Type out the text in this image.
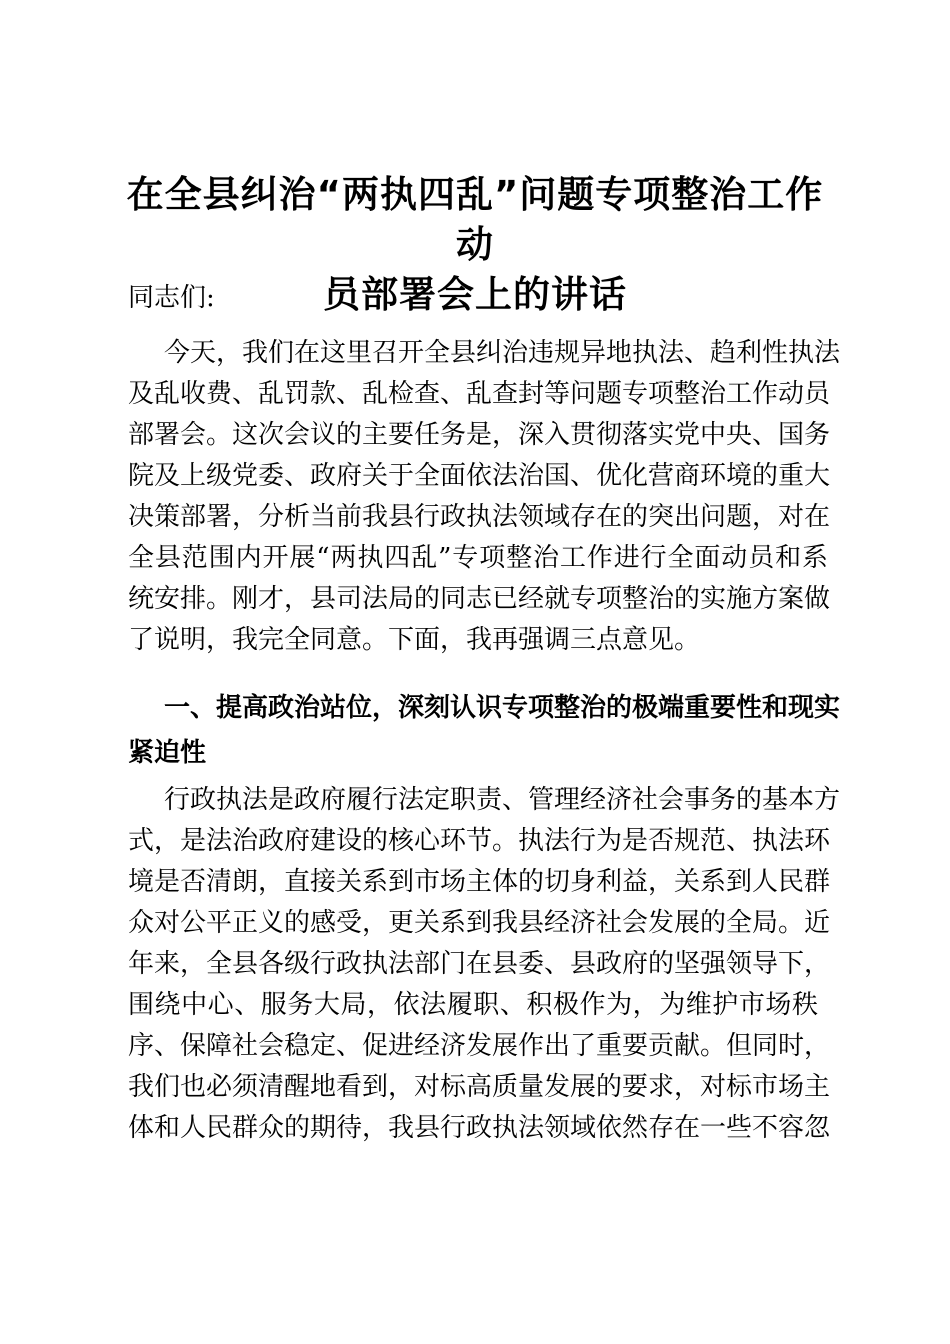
在全县纠治“两执四乱”问题专项整治工作动
员部署会上的讲话

同志们:

今天，我们在这里召开全县纠治违规异地执法、趋利性执法

及乱收费、乱罚款、乱检查、乱查封等问题专项整治工作动员

部署会。这次会议的主要任务是，深入贯彻落实党中央、国务

院及上级党委、政府关于全面依法治国、优化营商环境的重大

决策部署，分析当前我县行政执法领域存在的突出问题，对在

全县范围内开展“两执四乱”专项整治工作进行全面动员和系

统安排。刚才，县司法局的同志已经就专项整治的实施方案做

了说明，我完全同意。下面，我再强调三点意见。

一、提高政治站位，深刻认识专项整治的极端重要性和现实

紧迫性

行政执法是政府履行法定职责、管理经济社会事务的基本方

式，是法治政府建设的核心环节。执法行为是否规范、执法环

境是否清朗，直接关系到市场主体的切身利益，关系到人民群

众对公平正义的感受，更关系到我县经济社会发展的全局。近

年来，全县各级行政执法部门在县委、县政府的坚强领导下，

围绕中心、服务大局，依法履职、积极作为，为维护市场秩

序、保障社会稳定、促进经济发展作出了重要贡献。但同时，

我们也必须清醒地看到，对标高质量发展的要求，对标市场主

体和人民群众的期待，我县行政执法领域依然存在一些不容忽
